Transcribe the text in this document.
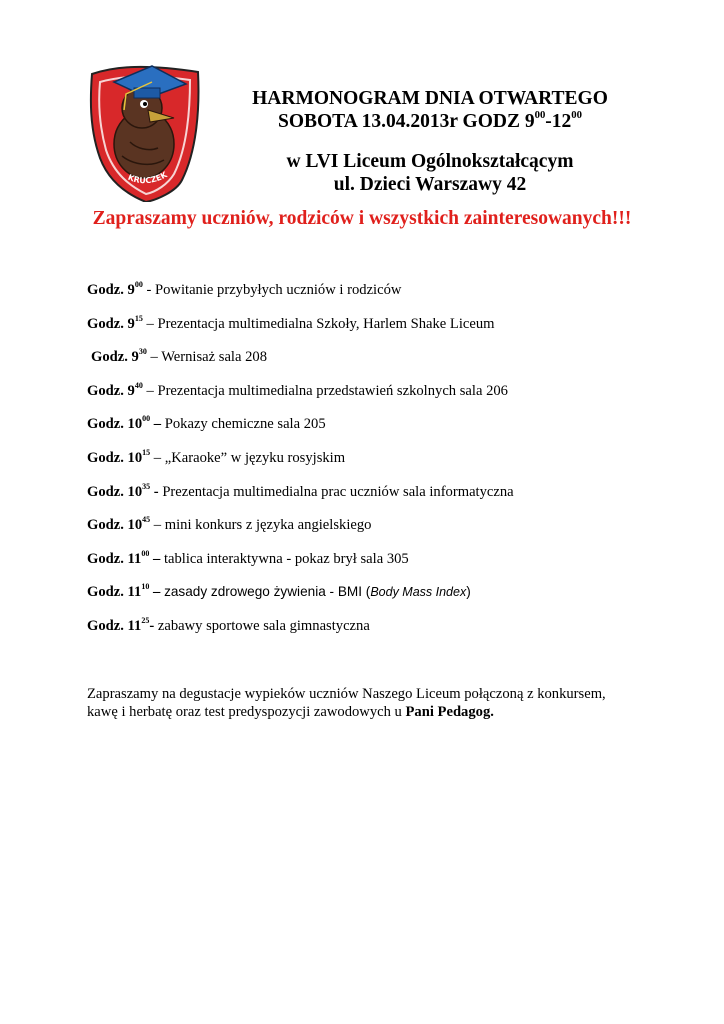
KRUCZEK
HARMONOGRAM DNIA OTWARTEGO
SOBOTA 13.04.2013r GODZ $9^{00}-12^{00}$
w LVI Liceum Ogólnokształcącym
ul. Dzieci Warszawy 42
Zapraszamy uczniów, rodziców i wszystkich zainteresowanych!!!
Godz. $9^{00}$ - Powitanie przybyłych uczniów i rodziców
Godz. $9^{15}$ – Prezentacja multimedialna Szkoły, Harlem Shake Liceum
Godz. $9^{30}$ – Wernisaż sala 208
Godz. $9^{40}$ – Prezentacja multimedialna przedstawień szkolnych sala 206
Godz. $10^{00}$ – Pokazy chemiczne sala 205
Godz. $10^{15}$ – „Karaoke” w języku rosyjskim
Godz. $10^{35}$ - Prezentacja multimedialna prac uczniów sala informatyczna
Godz. $10^{45}$ – mini konkurs z języka angielskiego
Godz. $11^{00}$ – tablica interaktywna - pokaz brył sala 305
Godz. $11^{10}$ – zasady zdrowego żywienia - BMI (Body Mass Index)
Godz. $11^{25}-$ zabawy sportowe sala gimnastyczna
Zapraszamy na degustacje wypieków uczniów Naszego Liceum połączoną z konkursem,
kawę i herbatę oraz test predyspozycji zawodowych u Pani Pedagog.
